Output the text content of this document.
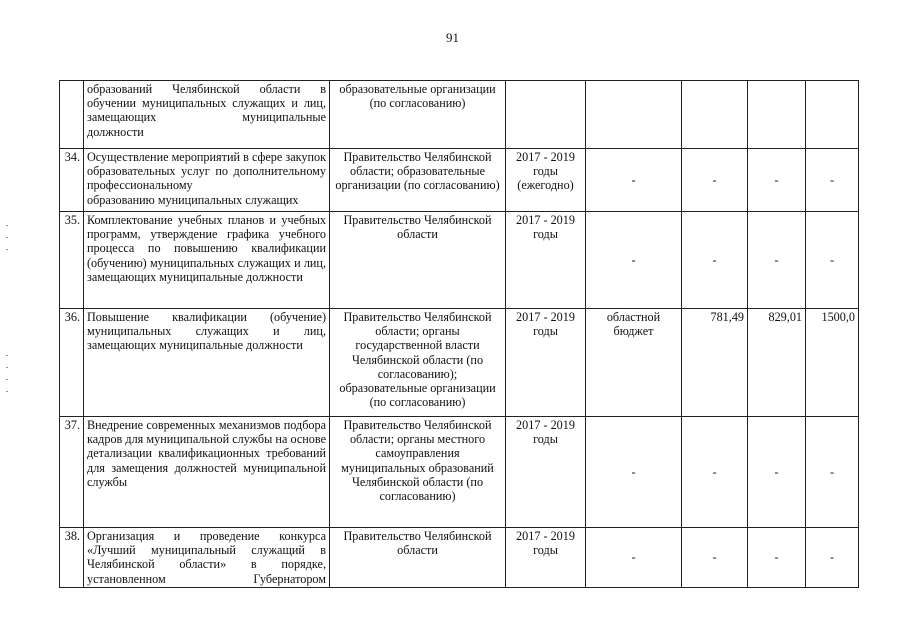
91
	образований Челябинской области в обучении муниципальных служащих и лиц, замещающих муниципальные
должности	образовательные организации (по согласованию)					
34.	Осуществление мероприятий в сфере закупок образовательных услуг по дополнительному профессиональному
образованию муниципальных служащих	Правительство Челябинской области; образовательные организации (по согласованию)	2017 - 2019 годы (ежегодно)	-	-	-	-
35.	Комплектование учебных планов и учебных программ, утверждение графика учебного процесса по повышению квалификации (обучению) муниципальных служащих и лиц,
замещающих муниципальные должности	Правительство Челябинской области	2017 - 2019 годы	-	-	-	-
36.	Повышение квалификации (обучение) муниципальных служащих и лиц,
замещающих муниципальные должности	Правительство Челябинской области; органы государственной власти Челябинской области (по согласованию); образовательные организации (по согласованию)	2017 - 2019 годы	областной бюджет	781,49	829,01	1500,0
37.	Внедрение современных механизмов подбора кадров для муниципальной службы на основе детализации квалификационных требований для замещения должностей муниципальной
службы	Правительство Челябинской области; органы местного самоуправления муниципальных образований Челябинской области (по согласованию)	2017 - 2019 годы	-	-	-	-
38.	Организация и проведение конкурса «Лучший муниципальный служащий в Челябинской области» в порядке, установленном Губернатором	Правительство Челябинской области	2017 - 2019 годы	-	-	-	-
